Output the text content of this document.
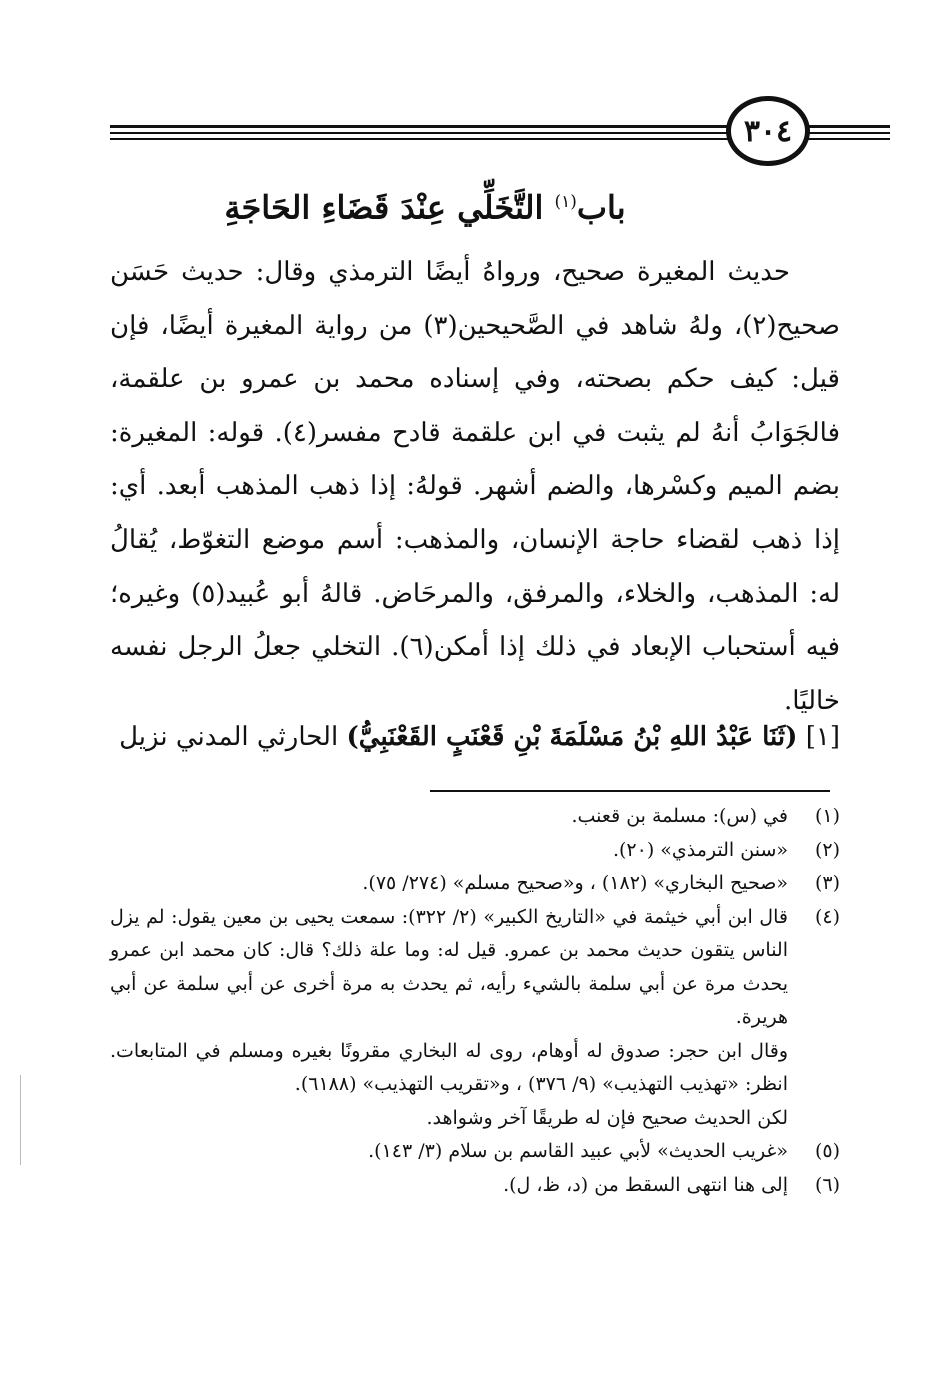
٣٠٤
باب$^{(١)}$ التَّخَلِّي عِنْدَ قَضَاءِ الحَاجَةِ

حديث المغيرة صحيح، ورواهُ أيضًا الترمذي وقال: حديث حَسَن صحيح(٢)، ولهُ شاهد في الصَّحيحين(٣) من رواية المغيرة أيضًا، فإن قيل: كيف حكم بصحته، وفي إسناده محمد بن عمرو بن علقمة، فالجَوَابُ أنهُ لم يثبت في ابن علقمة قادح مفسر(٤). قوله: المغيرة: بضم الميم وكسْرها، والضم أشهر. قولهُ: إذا ذهب المذهب أبعد. أي: إذا ذهب لقضاء حاجة الإنسان، والمذهب: أسم موضع التغوّط، يُقالُ له: المذهب، والخلاء، والمرفق، والمرحَاض. قالهُ أبو عُبيد(٥) وغيره؛ فيه أستحباب الإبعاد في ذلك إذا أمكن(٦). التخلي جعلُ الرجل نفسه خاليًا.

[١] (ثَنَا عَبْدُ اللهِ بْنُ مَسْلَمَةَ بْنِ قَعْنَبٍ القَعْنَبِيُّ) الحارثي المدني نزيل
(١)
في (س): مسلمة بن قعنب.
(٢)
«سنن الترمذي» (٢٠).
(٣)
«صحيح البخاري» (١٨٢) ، و«صحيح مسلم» (٢٧٤/ ٧٥).
(٤)
قال ابن أبي خيثمة في «التاريخ الكبير» (٢/ ٣٢٢): سمعت يحيى بن معين يقول: لم يزل الناس يتقون حديث محمد بن عمرو. قيل له: وما علة ذلك؟ قال: كان محمد ابن عمرو يحدث مرة عن أبي سلمة بالشيء رأيه، ثم يحدث به مرة أخرى عن أبي سلمة عن أبي هريرة.
وقال ابن حجر: صدوق له أوهام، روى له البخاري مقرونًا بغيره ومسلم في المتابعات. انظر: «تهذيب التهذيب» (٩/ ٣٧٦) ، و«تقريب التهذيب» (٦١٨٨).
لكن الحديث صحيح فإن له طريقًا آخر وشواهد.
(٥)
«غريب الحديث» لأبي عبيد القاسم بن سلام (٣/ ١٤٣).
(٦)
إلى هنا انتهى السقط من (د، ظ، ل).
